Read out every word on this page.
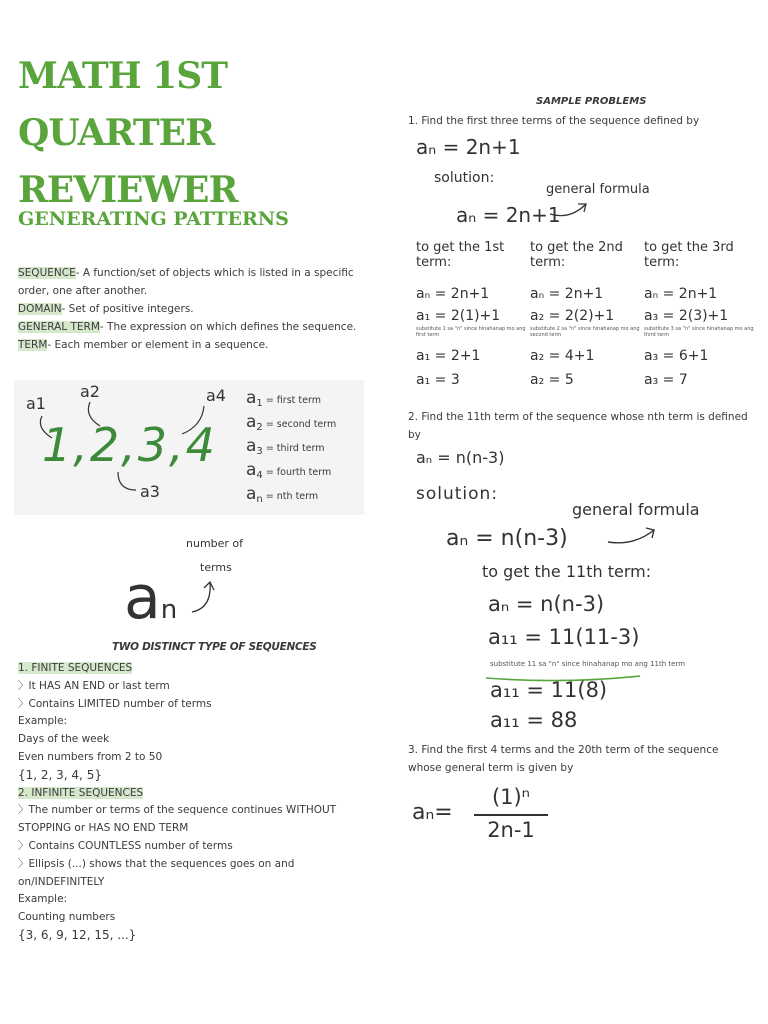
MATH 1ST QUARTER REVIEWER
GENERATING PATTERNS
SEQUENCE- A function/set of objects which is listed in a specific order, one after another.
DOMAIN- Set of positive integers.
GENERAL TERM- The expression on which defines the sequence.
TERM- Each member or element in a sequence.
a1
a2
a3
a4
1,2,3,4
$a_1$ = first term
$a_2$ = second term
$a_3$ = third term
$a_4$ = fourth term
$a_n$ = nth term
number of
terms
an
TWO DISTINCT TYPE OF SEQUENCES
1. FINITE SEQUENCES
〉It HAS AN END or last term
〉Contains LIMITED number of terms
Example:
Days of the week
Even numbers from 2 to 50
{1, 2, 3, 4, 5}
2. INFINITE SEQUENCES
〉The number or terms of the sequence continues WITHOUT STOPPING or HAS NO END TERM
〉Contains COUNTLESS number of terms
〉Ellipsis (...) shows that the sequences goes on and on/INDEFINITELY
Example:
Counting numbers
{3, 6, 9, 12, 15, ...}
SAMPLE PROBLEMS
1. Find the first three terms of the sequence defined by
aₙ = 2n+1
solution:
general formula
aₙ = 2n+1
to get the 1st term:
aₙ = 2n+1
a₁ = 2(1)+1
substitute 1 sa "n" since hinahanap mo ang first term
a₁ = 2+1
a₁ = 3
to get the 2nd term:
aₙ = 2n+1
a₂ = 2(2)+1
substitute 2 sa "n" since hinahanap mo ang second term
a₂ = 4+1
a₂ = 5
to get the 3rd term:
aₙ = 2n+1
a₃ = 2(3)+1
substitute 3 sa "n" since hinahanap mo ang third term
a₃ = 6+1
a₃ = 7
2. Find the 11th term of the sequence whose nth term is defined by
aₙ = n(n-3)
solution:
general formula
aₙ = n(n-3)
to get the 11th term:
aₙ = n(n-3)
a₁₁ = 11(11-3)
substitute 11 sa "n" since hinahanap mo ang 11th term
a₁₁ = 11(8)
a₁₁ = 88
3. Find the first 4 terms and the 20th term of the sequence whose general term is given by
aₙ=
(1)ⁿ
2n-1
